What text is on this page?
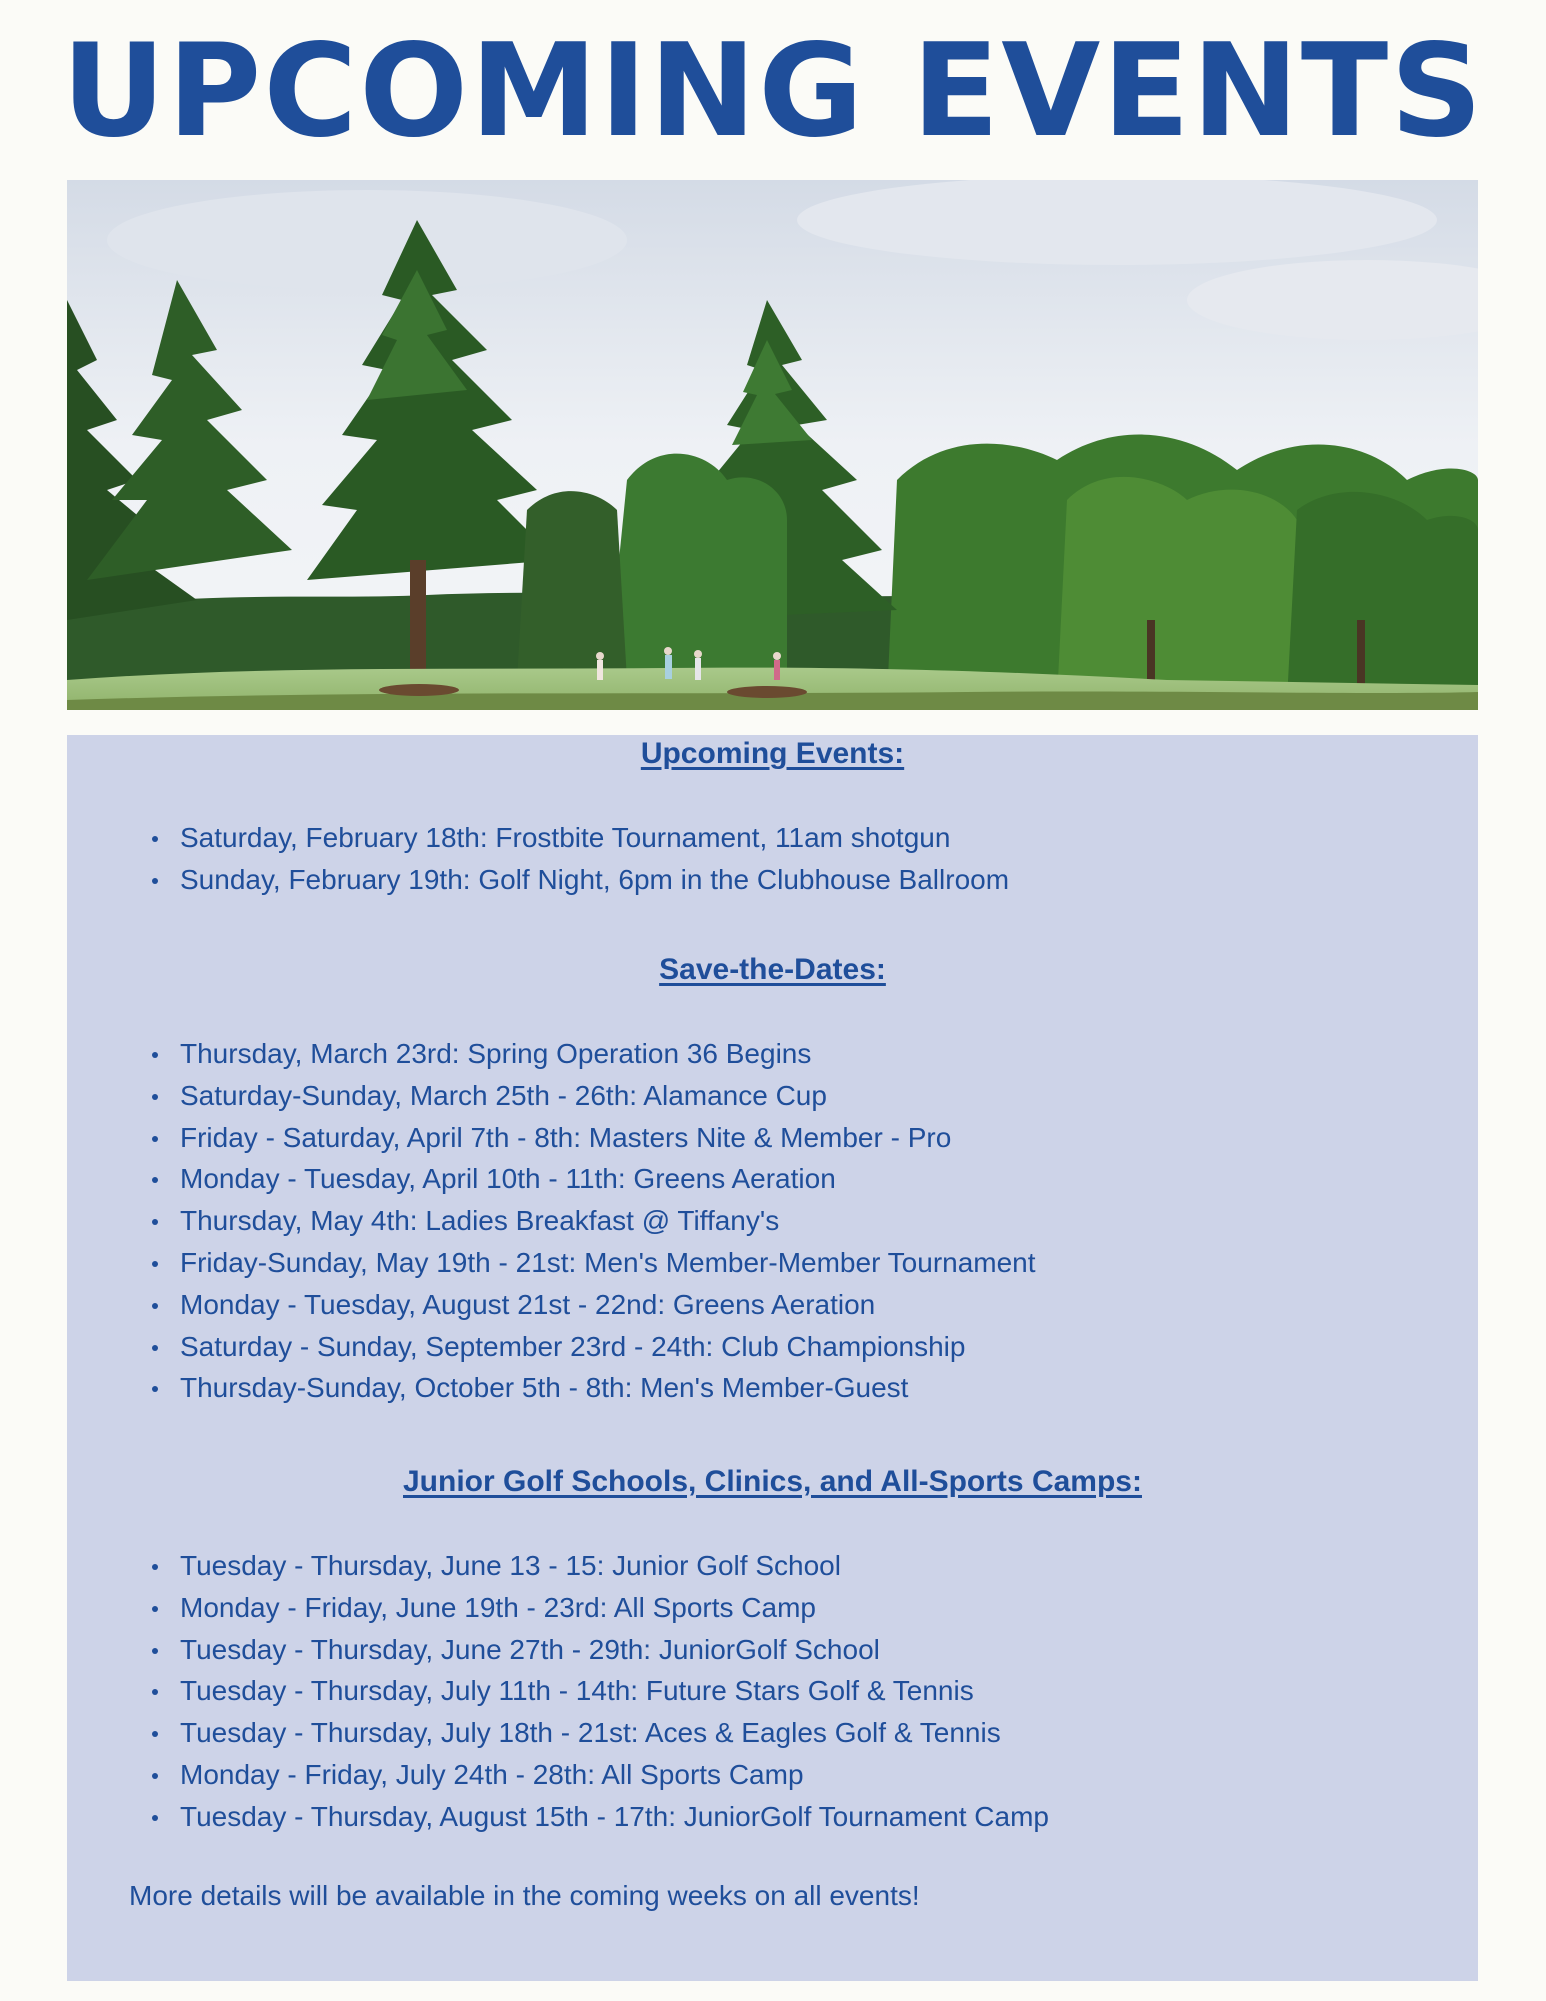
UPCOMING EVENTS
Upcoming Events:
Saturday, February 18th: Frostbite Tournament, 11am shotgun
Sunday, February 19th: Golf Night, 6pm in the Clubhouse Ballroom
Save-the-Dates:
Thursday, March 23rd: Spring Operation 36 Begins
Saturday-Sunday, March 25th - 26th: Alamance Cup
Friday - Saturday, April 7th - 8th: Masters Nite & Member - Pro
Monday - Tuesday, April 10th - 11th: Greens Aeration
Thursday, May 4th: Ladies Breakfast @ Tiffany's
Friday-Sunday, May 19th - 21st: Men's Member-Member Tournament
Monday - Tuesday, August 21st - 22nd: Greens Aeration
Saturday - Sunday, September 23rd - 24th: Club Championship
Thursday-Sunday, October 5th - 8th: Men's Member-Guest
Junior Golf Schools, Clinics, and All-Sports Camps:
Tuesday - Thursday, June 13 - 15: Junior Golf School
Monday - Friday, June 19th - 23rd: All Sports Camp
Tuesday - Thursday, June 27th - 29th: JuniorGolf School
Tuesday - Thursday, July 11th - 14th: Future Stars Golf & Tennis
Tuesday - Thursday, July 18th - 21st: Aces & Eagles Golf & Tennis
Monday - Friday, July 24th - 28th: All Sports Camp
Tuesday - Thursday, August 15th - 17th: JuniorGolf Tournament Camp

More details will be available in the coming weeks on all events!
